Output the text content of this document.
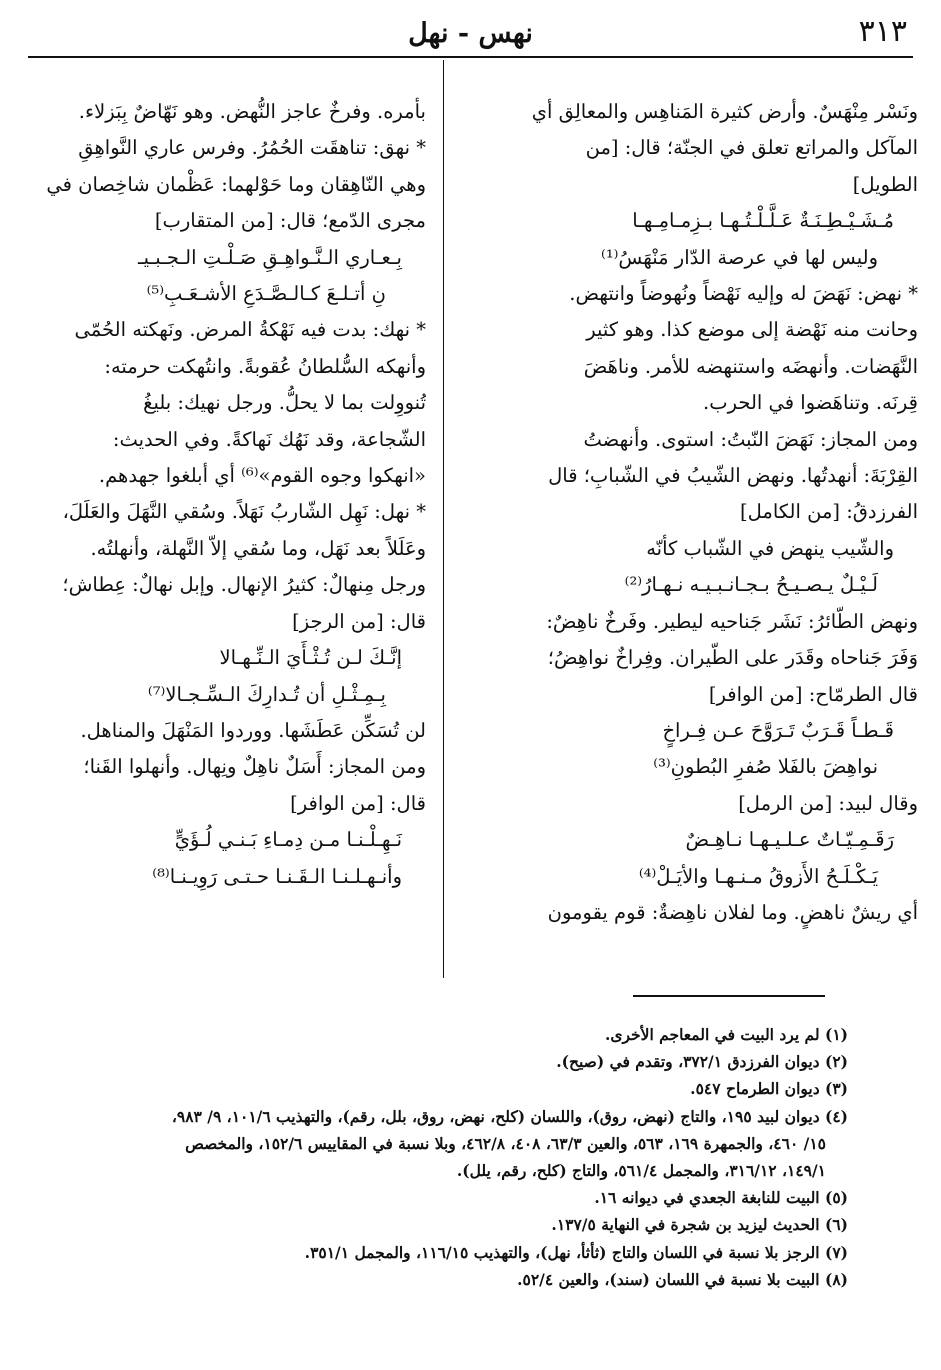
نهس - نهل	٣١٣
ونَسْر مِنْهَسٌ. وأرض كثيرة المَناهِس والمعالِق أي
المآكل والمراتع تعلق في الجنّة؛ قال: [من
الطويل]
مُـشَـيْـطِـنَـةٌ عَـلَّـلْـتُـهـا بـزِمـامِـهـا
وليس لها في عرصة الدّار مَنْهَسُ⁽¹⁾
* نهض: نَهَضَ له وإليه نَهْضاً ونُهوضاً وانتهض.
وحانت منه نَهْضة إلى موضع كذا. وهو كثير
النَّهَضات. وأنهضَه واستنهضه للأمر. وناهَضَ
قِرنَه. وتناهَضوا في الحرب.
ومن المجاز: نَهَضَ النّبتُ: استوى. وأنهضتُ
القِرْبَةَ: أنهدتُها. ونهض الشّيبُ في الشّبابِ؛ قال
الفرزدقُ: [من الكامل]
والشّيب ينهض في الشّباب كأنّه
لَـيْـلٌ يـصـيـحُ بـجـانـبـيـه نـهـارُ⁽²⁾
ونهض الطّائرُ: نَشَر جَناحيه ليطير. وفَرخٌ ناهِضٌ:
وَفَرَ جَناحاه وقَدَر على الطّيران. وفِراخٌ نواهِضُ؛
قال الطرمّاح: [من الوافر]
قَـطـاً قَـرَبٌ تَـرَوَّحَ عـن فِـراخٍ
نواهِضَ بالفَلا صُفرِ البُطونِ⁽³⁾
وقال لبيد: [من الرمل]
رَقَـمِـيّـاتٌ عـلـيـهـا نـاهِـضٌ
يَـكْـلَـحُ الأَزوقُ مـنـهـا والأيَـلْ⁽⁴⁾
أي ريشٌ ناهضٍ. وما لفلان ناهِضةٌ: قوم يقومون
بأمره. وفرخٌ عاجز النُّهض. وهو نَهّاضٌ بِبَزلاء.
* نهق: تناهقَت الحُمُرُ. وفرس عاري النَّواهِقِ
وهي النّاهِقان وما حَوْلهما: عَظْمان شاخِصان في
مجرى الدّمع؛ قال: [من المتقارب]
بِـعـاري الـنَّـواهِـقِ صَـلْـتِ الـجـبـيـ
نِ أتـلـعَ كـالـصَّـدَعِ الأشـعَـبِ⁽⁵⁾
* نهك: بدت فيه نَهْكةُ المرض. ونَهكته الحُمّى
وأنهكه السُّلطانُ عُقوبةً. وانتُهكت حرمته:
تُنووِلت بما لا يحلُّ. ورجل نهيك: بليغُ
الشّجاعة، وقد نَهُك نَهاكةً. وفي الحديث:
«انهكوا وجوه القوم»⁽⁶⁾ أي أبلغوا جهدهم.
* نهل: نَهِل الشّاربُ نَهَلاً. وسُقي النَّهَلَ والعَلَلَ،
وعَلَلاً بعد نَهَل، وما سُقي إلاّ النَّهلة، وأنهلتُه.
ورجل مِنهالٌ: كثيرُ الإنهال. وإبل نهالٌ: عِطاش؛
قال: [من الرجز]
إنَّـكَ لـن تُـثْـأَيَ الـنِّـهـالا
بِـمِـثْـلِ أن تُـدارِكَ الـسِّـجـالا⁽⁷⁾
لن تُسَكِّن عَطَشَها. ووردوا المَنْهَلَ والمناهل.
ومن المجاز: أَسَلٌ ناهِلٌ ونِهال. وأنهلوا القَنا؛
قال: [من الوافر]
نَـهِـلْـنـا مـن دِمـاءِ بَـنـي لُـؤَيٍّ
وأنـهـلـنـا الـقَـنـا حـتـى رَوِيـنـا⁽⁸⁾
(١) لم يرد البيت في المعاجم الأخرى.
(٢) ديوان الفرزدق ٣٧٢/١، وتقدم في (صيح).
(٣) ديوان الطرماح ٥٤٧.
(٤) ديوان لبيد ١٩٥، والتاج (نهض، روق)، واللسان (كلح، نهض، روق، بلل، رقم)، والتهذيب ١٠١/٦، ٩/ ٩٨٣،
١٥/ ٤٦٠، والجمهرة ١٦٩، ٥٦٣، والعين ٦٣/٣، ٤٠٨، ٤٦٢/٨، وبلا نسبة في المقاييس ١٥٢/٦، والمخصص
١٤٩/١، ٣١٦/١٢، والمجمل ٥٦١/٤، والتاج (كلح، رقم، يلل).
(٥) البيت للنابغة الجعدي في ديوانه ١٦.
(٦) الحديث ليزيد بن شجرة في النهاية ١٣٧/٥.
(٧) الرجز بلا نسبة في اللسان والتاج (ثأثأ، نهل)، والتهذيب ١١٦/١٥، والمجمل ٣٥١/١.
(٨) البيت بلا نسبة في اللسان (سند)، والعين ٥٢/٤.
